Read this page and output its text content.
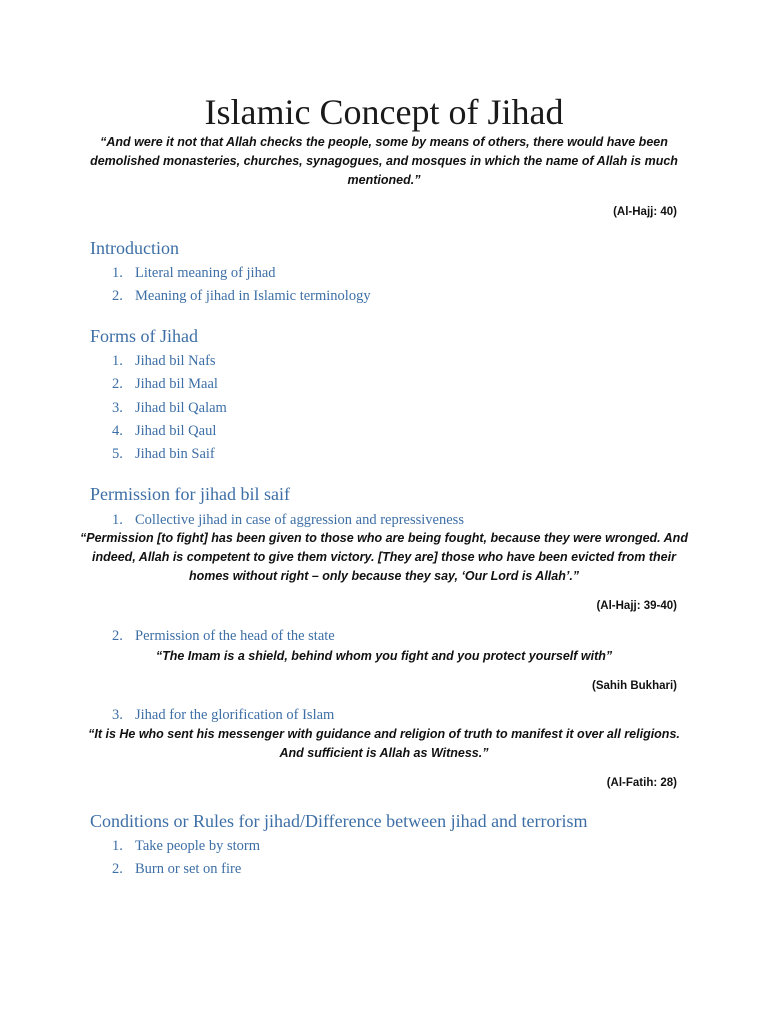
Islamic Concept of Jihad
“And were it not that Allah checks the people, some by means of others, there would have been
demolished monasteries, churches, synagogues, and mosques in which the name of Allah is much
mentioned.”
(Al-Hajj: 40)
Introduction
1. Literal meaning of jihad
2. Meaning of jihad in Islamic terminology
Forms of Jihad
1. Jihad bil Nafs
2. Jihad bil Maal
3. Jihad bil Qalam
4. Jihad bil Qaul
5. Jihad bin Saif
Permission for jihad bil saif
1. Collective jihad in case of aggression and repressiveness
“Permission [to fight] has been given to those who are being fought, because they were wronged. And
indeed, Allah is competent to give them victory. [They are] those who have been evicted from their
homes without right – only because they say, ‘Our Lord is Allah’.”
(Al-Hajj: 39-40)
2. Permission of the head of the state
“The Imam is a shield, behind whom you fight and you protect yourself with”
(Sahih Bukhari)
3. Jihad for the glorification of Islam
“It is He who sent his messenger with guidance and religion of truth to manifest it over all religions.
And sufficient is Allah as Witness.”
(Al-Fatih: 28)
Conditions or Rules for jihad/Difference between jihad and terrorism
1. Take people by storm
2. Burn or set on fire
